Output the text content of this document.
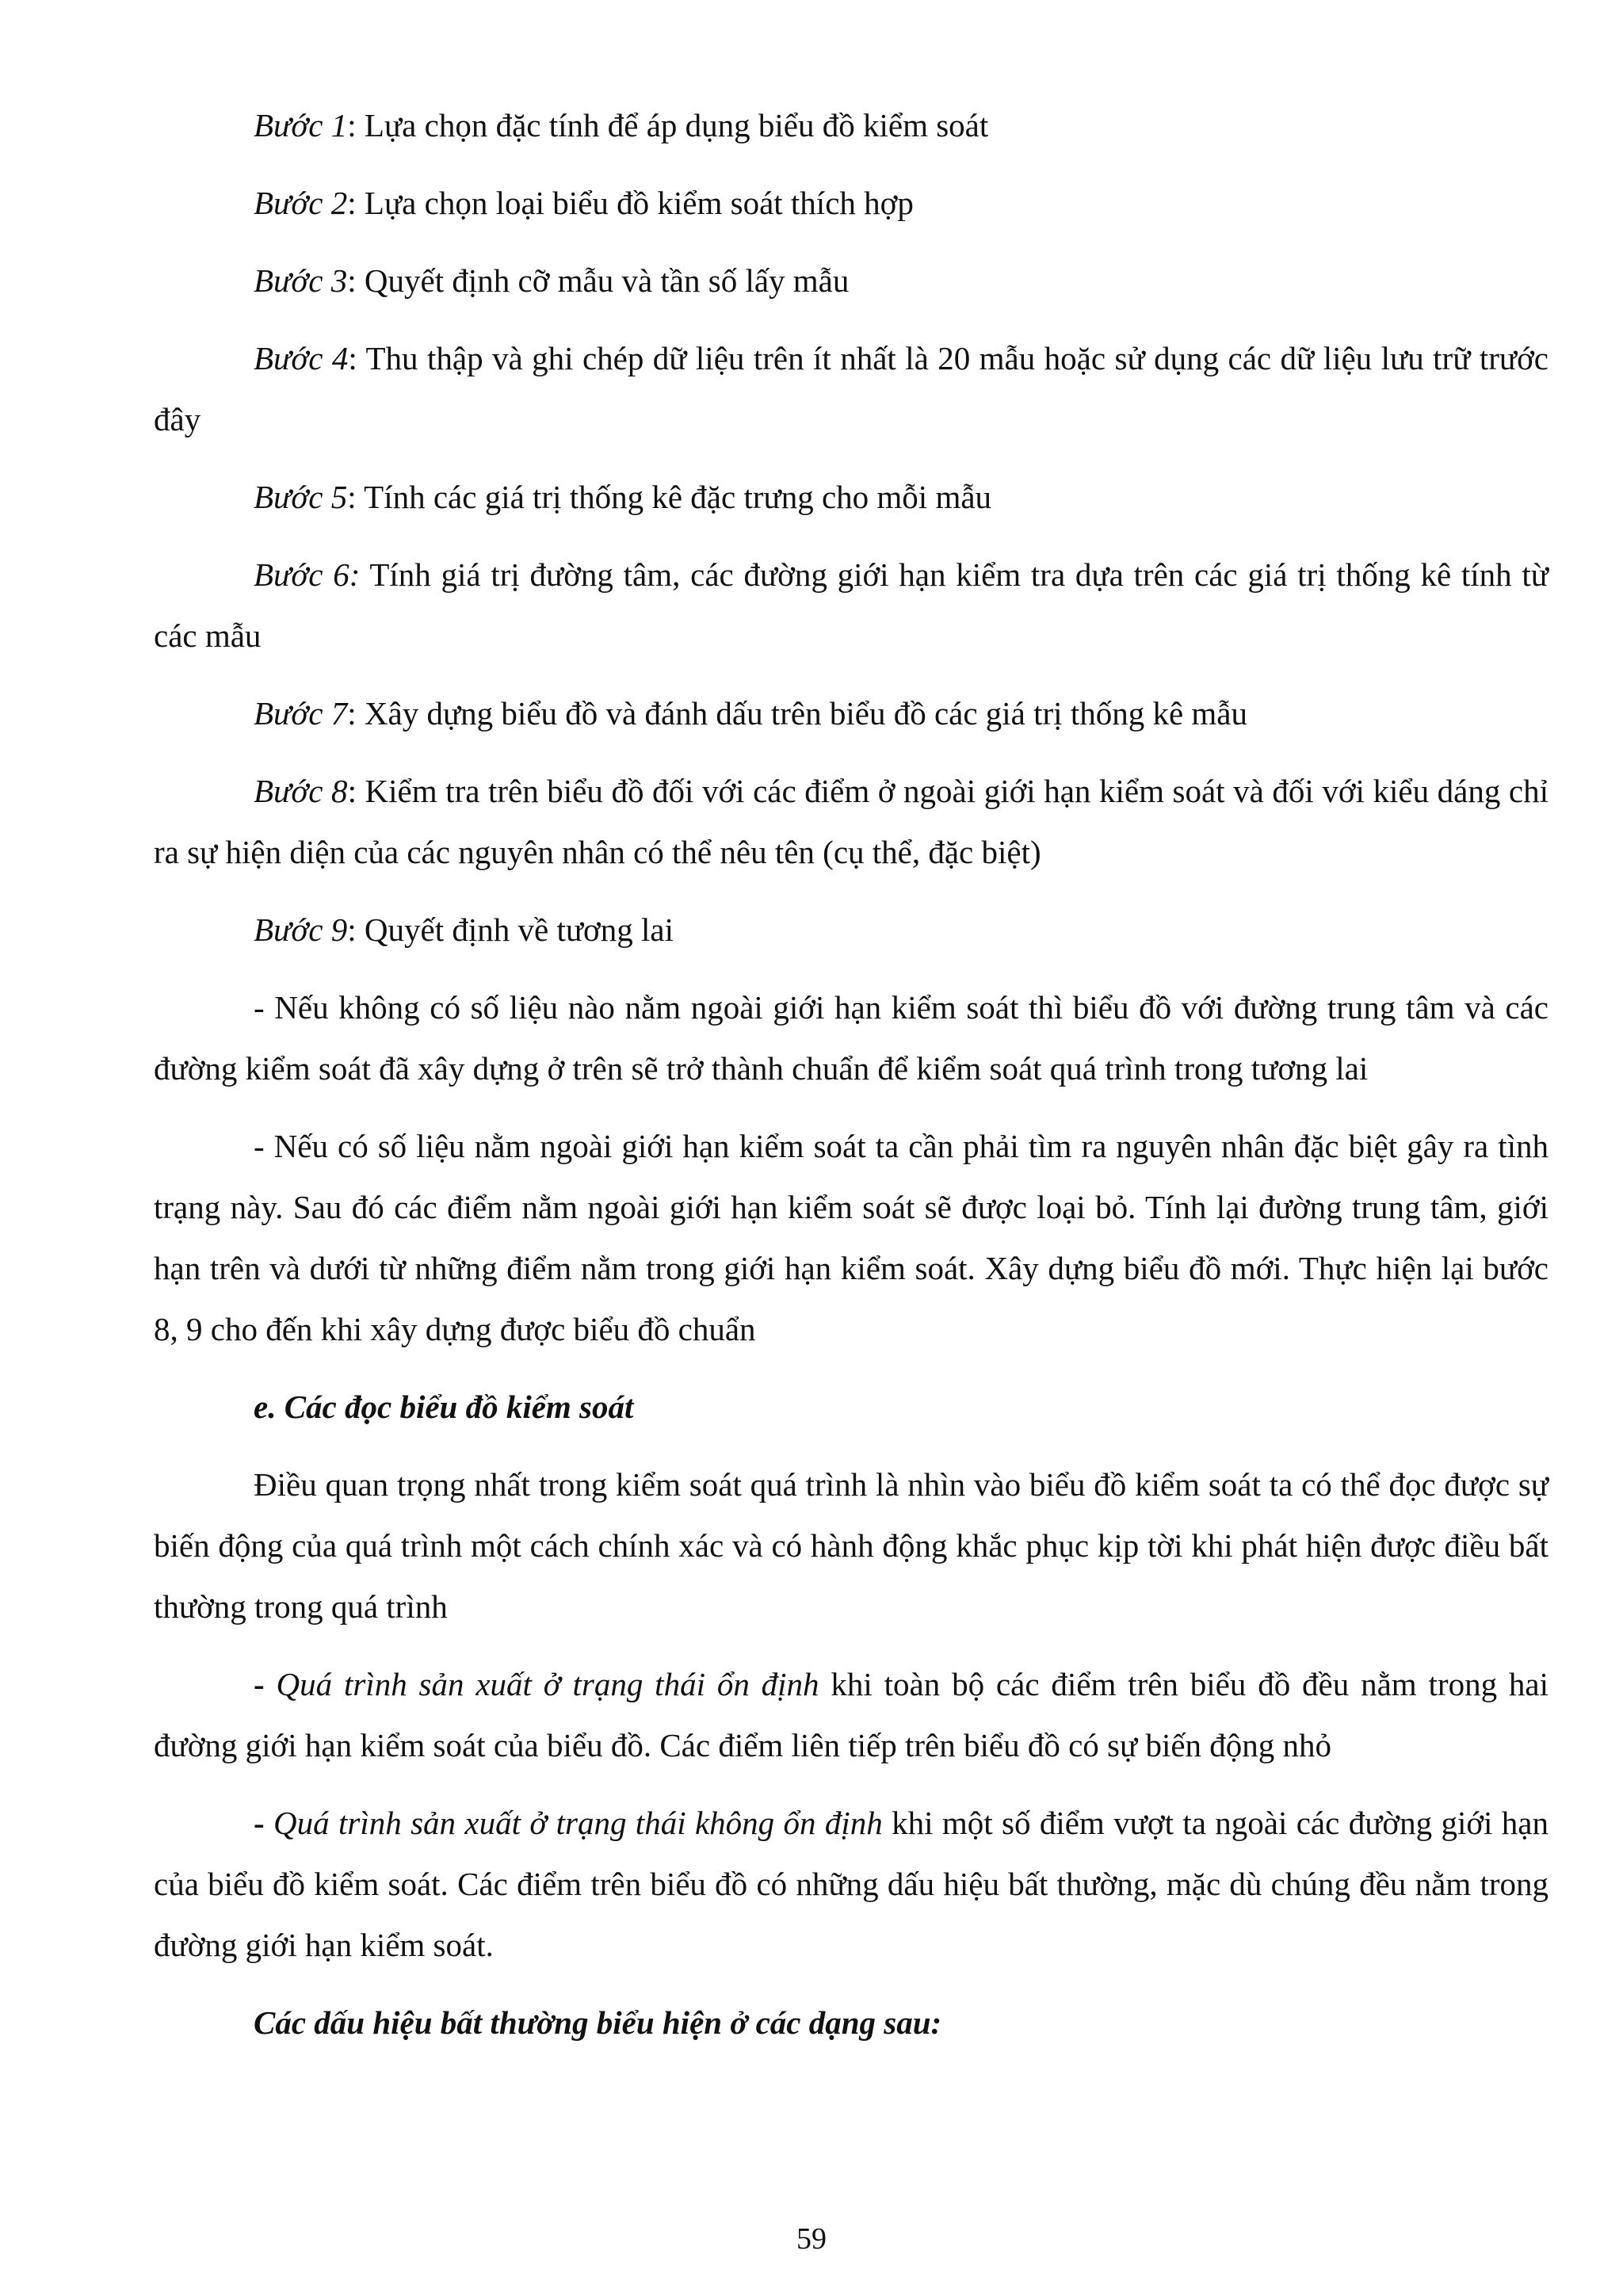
Bước 1: Lựa chọn đặc tính để áp dụng biểu đồ kiểm soát

Bước 2: Lựa chọn loại biểu đồ kiểm soát thích hợp

Bước 3: Quyết định cỡ mẫu và tần số lấy mẫu

Bước 4: Thu thập và ghi chép dữ liệu trên ít nhất là 20 mẫu hoặc sử dụng các dữ liệu lưu trữ trước đây

Bước 5: Tính các giá trị thống kê đặc trưng cho mỗi mẫu

Bước 6: Tính giá trị đường tâm, các đường giới hạn kiểm tra dựa trên các giá trị thống kê tính từ các mẫu

Bước 7: Xây dựng biểu đồ và đánh dấu trên biểu đồ các giá trị thống kê mẫu

Bước 8: Kiểm tra trên biểu đồ đối với các điểm ở ngoài giới hạn kiểm soát và đối với kiểu dáng chỉ ra sự hiện diện của các nguyên nhân có thể nêu tên (cụ thể, đặc biệt)

Bước 9: Quyết định về tương lai

- Nếu không có số liệu nào nằm ngoài giới hạn kiểm soát thì biểu đồ với đường trung tâm và các đường kiểm soát đã xây dựng ở trên sẽ trở thành chuẩn để kiểm soát quá trình trong tương lai

- Nếu có số liệu nằm ngoài giới hạn kiểm soát ta cần phải tìm ra nguyên nhân đặc biệt gây ra tình trạng này. Sau đó các điểm nằm ngoài giới hạn kiểm soát sẽ được loại bỏ. Tính lại đường trung tâm, giới hạn trên và dưới từ những điểm nằm trong giới hạn kiểm soát. Xây dựng biểu đồ mới. Thực hiện lại bước 8, 9 cho đến khi xây dựng được biểu đồ chuẩn

e. Các đọc biểu đồ kiểm soát

Điều quan trọng nhất trong kiểm soát quá trình là nhìn vào biểu đồ kiểm soát ta có thể đọc được sự biến động của quá trình một cách chính xác và có hành động khắc phục kịp tời khi phát hiện được điều bất thường trong quá trình

- Quá trình sản xuất ở trạng thái ổn định khi toàn bộ các điểm trên biểu đồ đều nằm trong hai đường giới hạn kiểm soát của biểu đồ. Các điểm liên tiếp trên biểu đồ có sự biến động nhỏ

- Quá trình sản xuất ở trạng thái không ổn định khi một số điểm vượt ta ngoài các đường giới hạn của biểu đồ kiểm soát. Các điểm trên biểu đồ có những dấu hiệu bất thường, mặc dù chúng đều nằm trong đường giới hạn kiểm soát.

Các dấu hiệu bất thường biểu hiện ở các dạng sau:

59
